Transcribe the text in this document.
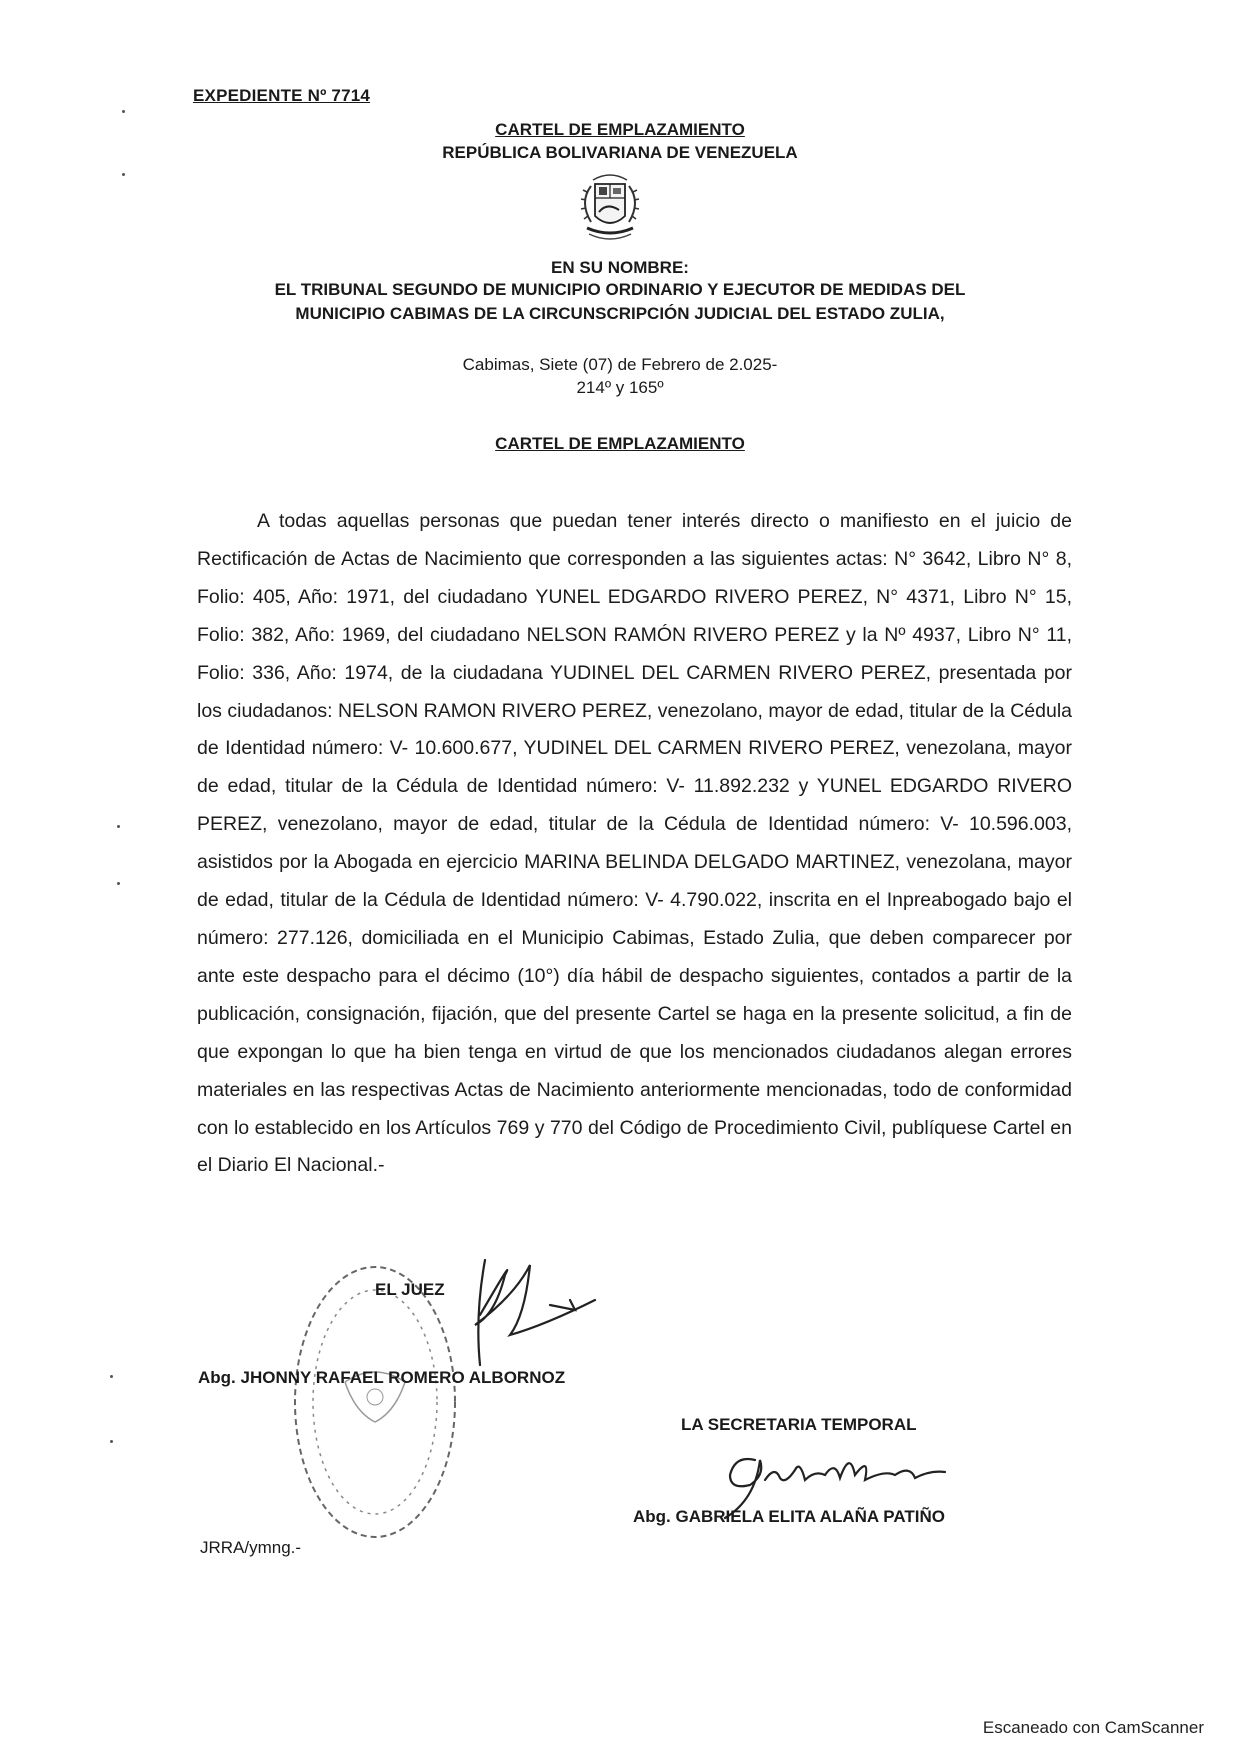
EXPEDIENTE Nº 7714
CARTEL DE EMPLAZAMIENTO
REPÚBLICA BOLIVARIANA DE VENEZUELA
EN SU NOMBRE:
EL TRIBUNAL SEGUNDO DE MUNICIPIO ORDINARIO Y EJECUTOR DE MEDIDAS DEL
MUNICIPIO CABIMAS DE LA CIRCUNSCRIPCIÓN JUDICIAL DEL ESTADO ZULIA,
Cabimas, Siete (07) de Febrero de 2.025-
214º y 165º
CARTEL DE EMPLAZAMIENTO
A todas aquellas personas que puedan tener interés directo o manifiesto en el juicio de Rectificación de Actas de Nacimiento que corresponden a las siguientes actas: N° 3642, Libro N° 8, Folio: 405, Año: 1971, del ciudadano YUNEL EDGARDO RIVERO PEREZ, N° 4371, Libro N° 15, Folio: 382, Año: 1969, del ciudadano NELSON RAMÓN RIVERO PEREZ y la Nº 4937, Libro N° 11, Folio: 336, Año: 1974, de la ciudadana YUDINEL DEL CARMEN RIVERO PEREZ, presentada por los ciudadanos: NELSON RAMON RIVERO PEREZ, venezolano, mayor de edad, titular de la Cédula de Identidad número: V- 10.600.677, YUDINEL DEL CARMEN RIVERO PEREZ, venezolana, mayor de edad, titular de la Cédula de Identidad número: V- 11.892.232 y YUNEL EDGARDO RIVERO PEREZ, venezolano, mayor de edad, titular de la Cédula de Identidad número: V- 10.596.003, asistidos por la Abogada en ejercicio MARINA BELINDA DELGADO MARTINEZ, venezolana, mayor de edad, titular de la Cédula de Identidad número: V- 4.790.022, inscrita en el Inpreabogado bajo el número: 277.126, domiciliada en el Municipio Cabimas, Estado Zulia, que deben comparecer por ante este despacho para el décimo (10°) día hábil de despacho siguientes, contados a partir de la publicación, consignación, fijación, que del presente Cartel se haga en la presente solicitud, a fin de que expongan lo que ha bien tenga en virtud de que los mencionados ciudadanos alegan errores materiales en las respectivas Actas de Nacimiento anteriormente mencionadas, todo de conformidad con lo establecido en los Artículos 769 y 770 del Código de Procedimiento Civil, publíquese Cartel en el Diario El Nacional.-
EL JUEZ
Abg. JHONNY RAFAEL ROMERO ALBORNOZ
LA SECRETARIA TEMPORAL
Abg. GABRIELA ELITA ALAÑA PATIÑO
JRRA/ymng.-
Escaneado con CamScanner
